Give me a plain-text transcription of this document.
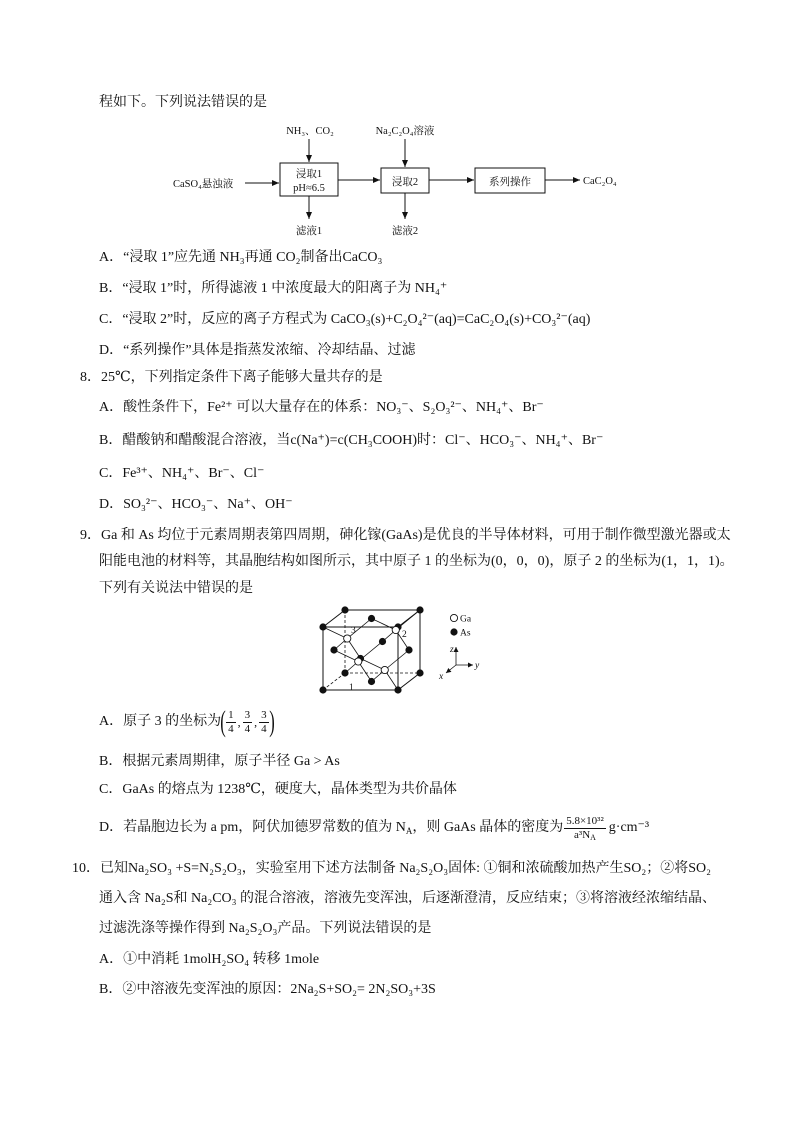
程如下。下列说法错误的是
NH₃、CO₂	Na₂C₂O₄溶液
CaSO₄悬浊液
浸取1
pH≈6.5
浸取2	系列操作	CaC₂O₄
滤液1	滤液2
A．“浸取 1”应先通 NH₃再通 CO₂制备出CaCO₃
B．“浸取 1”时，所得滤液 1 中浓度最大的阳离子为 NH₄⁺
C．“浸取 2”时，反应的离子方程式为 CaCO₃(s)+C₂O₄²⁻(aq)=CaC₂O₄(s)+CO₃²⁻(aq)
D．“系列操作”具体是指蒸发浓缩、冷却结晶、过滤
8．25℃，下列指定条件下离子能够大量共存的是
A．酸性条件下，Fe²⁺ 可以大量存在的体系：NO₃⁻、S₂O₃²⁻、NH₄⁺、Br⁻
B．醋酸钠和醋酸混合溶液，当c(Na⁺)=c(CH₃COOH)时：Cl⁻、HCO₃⁻、NH₄⁺、Br⁻
C．Fe³⁺、NH₄⁺、Br⁻、Cl⁻
D．SO₃²⁻、HCO₃⁻、Na⁺、OH⁻
9．Ga 和 As 均位于元素周期表第四周期，砷化镓(GaAs)是优良的半导体材料，可用于制作微型激光器或太
阳能电池的材料等，其晶胞结构如图所示，其中原子 1 的坐标为(0，0，0)，原子 2 的坐标为(1，1，1)。
下列有关说法中错误的是
1
2
3
Ga
As
z
y
x
A．原子 3 的坐标为 ( $\frac{1}{4}$ , $\frac{3}{4}$ , $\frac{3}{4}$ )
B．根据元素周期律，原子半径 Ga > As
C．GaAs 的熔点为 1238℃，硬度大，晶体类型为共价晶体
D．若晶胞边长为 a pm，阿伏加德罗常数的值为 $N_A$，则 GaAs 晶体的密度为 $\frac{\text{5.8×10³²}}{a^3N_A} g\cdot cm^{-3}$
10．已知Na₂SO₃ +S=N₂S₂O₃，实验室用下述方法制备 Na₂S₂O₃固体: ①铜和浓硫酸加热产生SO₂；②将SO₂
通入含 Na₂S和 Na₂CO₃ 的混合溶液，溶液先变浑浊，后逐渐澄清，反应结束；③将溶液经浓缩结晶、
过滤洗涤等操作得到 Na₂S₂O₃产品。下列说法错误的是
A．①中消耗 1molH₂SO₄ 转移 1mole
B．②中溶液先变浑浊的原因：2Na₂S+SO₂= 2N₂SO₃+3S
